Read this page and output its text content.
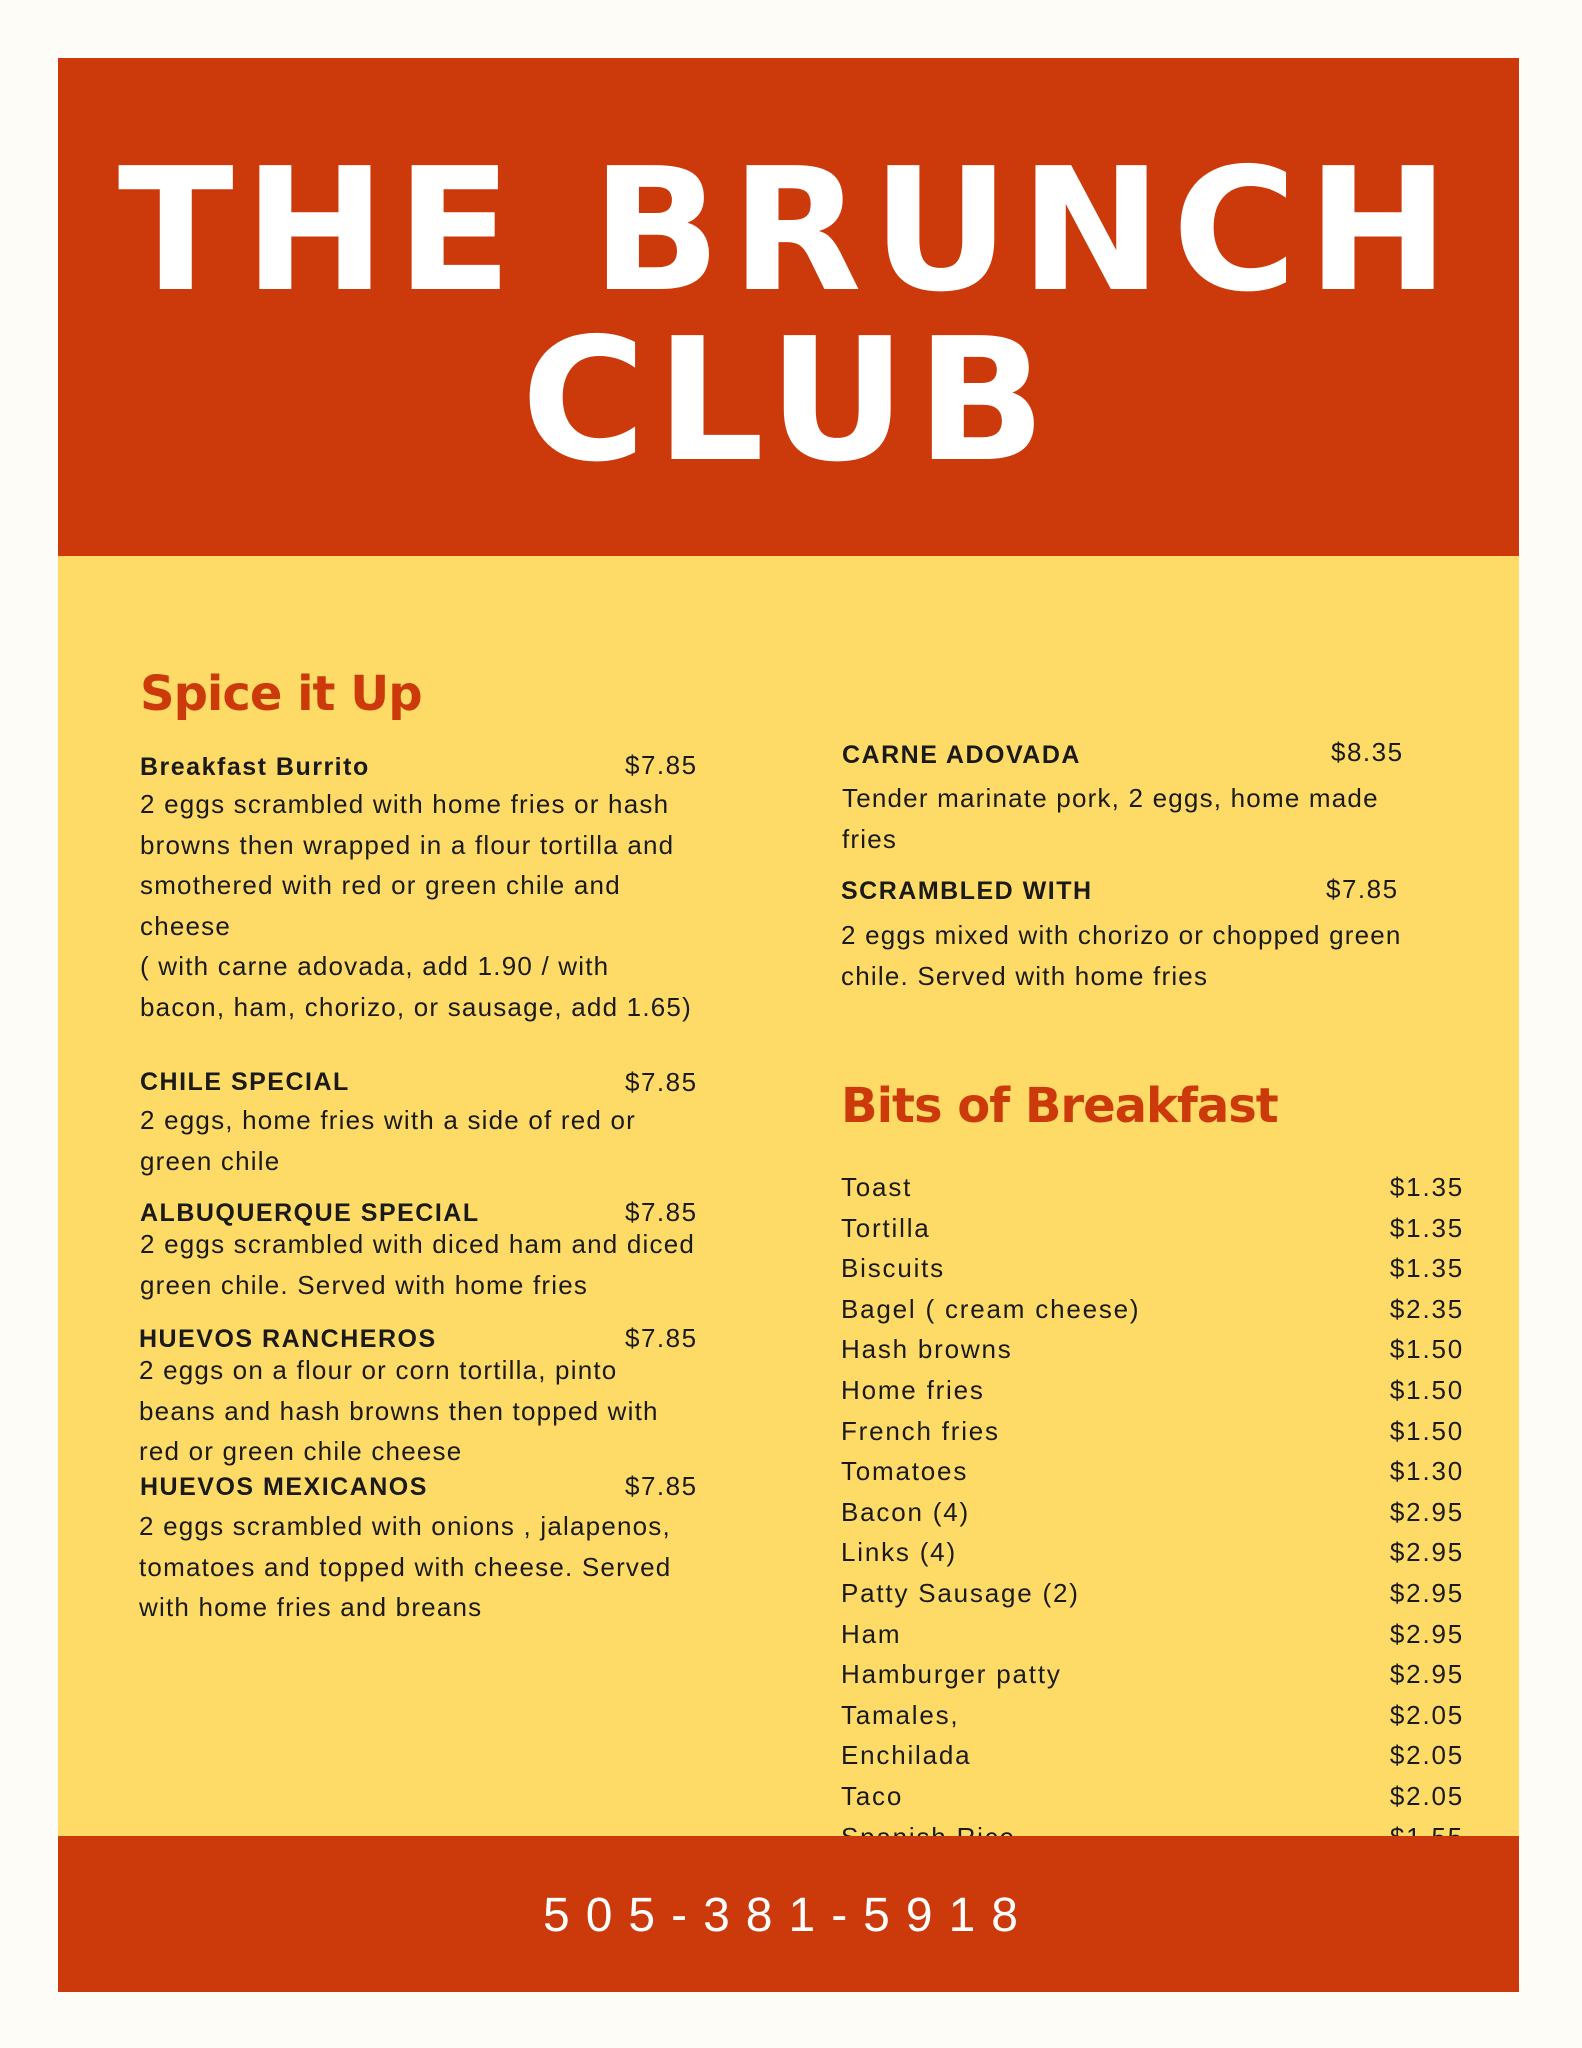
THE BRUNCH
CLUB
Spice it Up
Breakfast Burrito	$7.85
2 eggs scrambled with home fries or hash
browns then wrapped in a flour tortilla and
smothered with red or green chile and
cheese
( with carne adovada, add 1.90 / with
bacon, ham, chorizo, or sausage, add 1.65)
CHILE SPECIAL	$7.85
2 eggs, home fries with a side of red or
green chile
ALBUQUERQUE SPECIAL	$7.85
2 eggs scrambled with diced ham and diced
green chile. Served with home fries
HUEVOS RANCHEROS	$7.85
2 eggs on a flour or corn tortilla, pinto
beans and hash browns then topped with
red or green chile cheese
HUEVOS MEXICANOS	$7.85
2 eggs scrambled with onions , jalapenos,
tomatoes and topped with cheese. Served
with home fries and breans
CARNE ADOVADA	$8.35
Tender marinate pork, 2 eggs, home made
fries
SCRAMBLED WITH	$7.85
2 eggs mixed with chorizo or chopped green
chile. Served with home fries
Bits of Breakfast
Toast	$1.35
Tortilla	$1.35
Biscuits	$1.35
Bagel ( cream cheese)	$2.35
Hash browns	$1.50
Home fries	$1.50
French fries	$1.50
Tomatoes	$1.30
Bacon (4)	$2.95
Links (4)	$2.95
Patty Sausage (2)	$2.95
Ham	$2.95
Hamburger patty	$2.95
Tamales,	$2.05
Enchilada	$2.05
Taco	$2.05
505-381-5918
